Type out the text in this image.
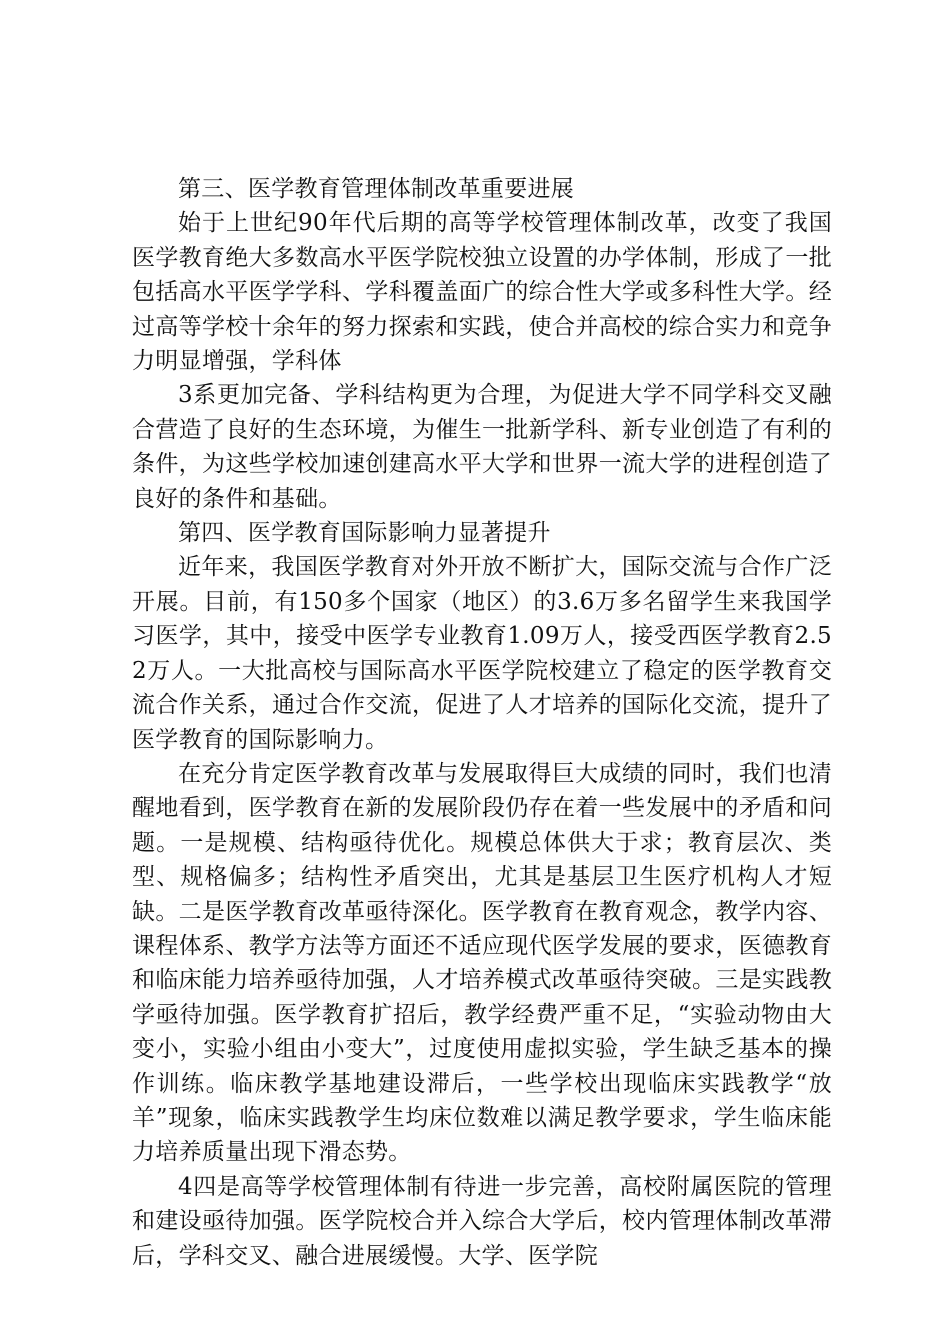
第三、医学教育管理体制改革重要进展

始于上世纪90年代后期的高等学校管理体制改革，改变了我国医学教育绝大多数高水平医学院校独立设置的办学体制，形成了一批包括高水平医学学科、学科覆盖面广的综合性大学或多科性大学。经过高等学校十余年的努力探索和实践，使合并高校的综合实力和竞争力明显增强，学科体

3系更加完备、学科结构更为合理，为促进大学不同学科交叉融合营造了良好的生态环境，为催生一批新学科、新专业创造了有利的条件，为这些学校加速创建高水平大学和世界一流大学的进程创造了良好的条件和基础。

第四、医学教育国际影响力显著提升

近年来，我国医学教育对外开放不断扩大，国际交流与合作广泛开展。目前，有150多个国家（地区）的3.6万多名留学生来我国学习医学，其中，接受中医学专业教育1.09万人，接受西医学教育2.52万人。一大批高校与国际高水平医学院校建立了稳定的医学教育交流合作关系，通过合作交流，促进了人才培养的国际化交流，提升了医学教育的国际影响力。

在充分肯定医学教育改革与发展取得巨大成绩的同时，我们也清醒地看到，医学教育在新的发展阶段仍存在着一些发展中的矛盾和问题。一是规模、结构亟待优化。规模总体供大于求；教育层次、类型、规格偏多；结构性矛盾突出，尤其是基层卫生医疗机构人才短缺。二是医学教育改革亟待深化。医学教育在教育观念，教学内容、课程体系、教学方法等方面还不适应现代医学发展的要求，医德教育和临床能力培养亟待加强，人才培养模式改革亟待突破。三是实践教学亟待加强。医学教育扩招后，教学经费严重不足，“实验动物由大变小，实验小组由小变大”，过度使用虚拟实验，学生缺乏基本的操作训练。临床教学基地建设滞后，一些学校出现临床实践教学“放羊”现象，临床实践教学生均床位数难以满足教学要求，学生临床能力培养质量出现下滑态势。

4四是高等学校管理体制有待进一步完善，高校附属医院的管理和建设亟待加强。医学院校合并入综合大学后，校内管理体制改革滞后，学科交叉、融合进展缓慢。大学、医学院
